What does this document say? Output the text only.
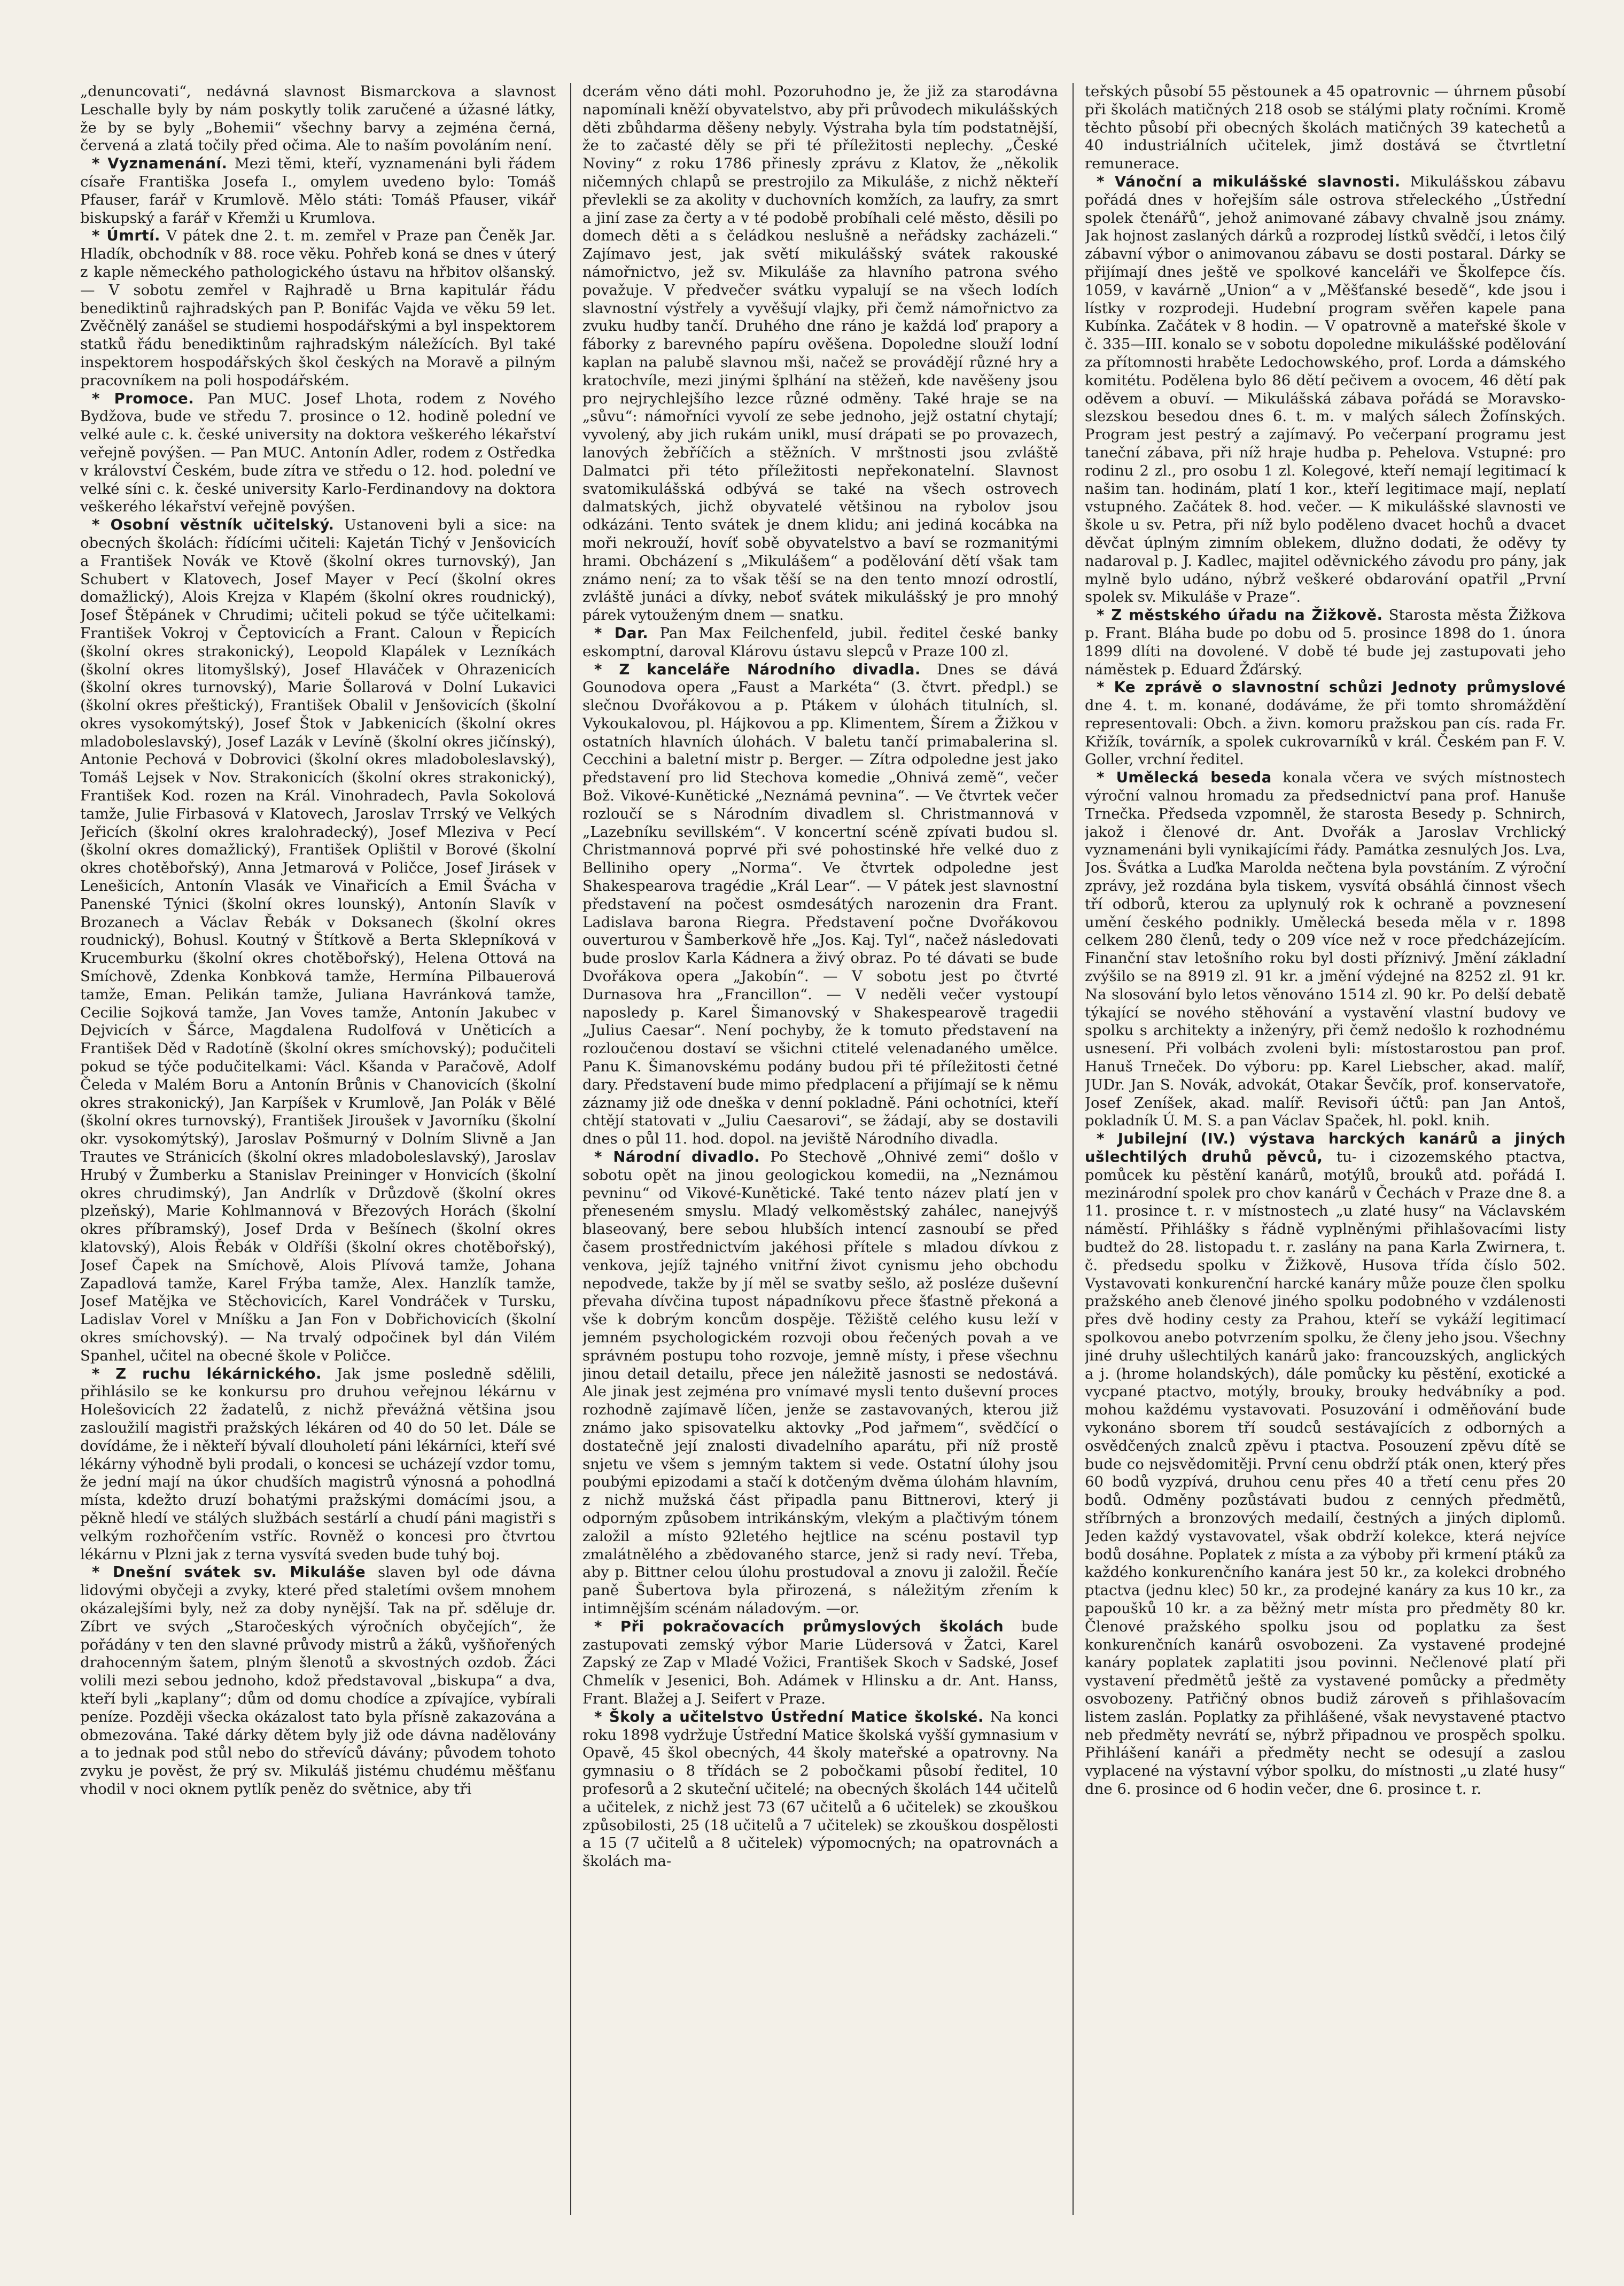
„denuncovati“, nedávná slavnost Bismarckova a slavnost Leschalle byly by nám poskytly tolik zaručené a úžasné látky, že by se byly „Bohemii“ všechny barvy a zejména černá, červená a zlatá točily před očima. Ale to naším povoláním není.

* Vyznamenání. Mezi těmi, kteří, vyznamenáni byli řádem císaře Františka Josefa I., omylem uvedeno bylo: Tomáš Pfauser, farář v Krumlově. Mělo státi: Tomáš Pfauser, vikář biskupský a farář v Křemži u Krumlova.

* Úmrtí. V pátek dne 2. t. m. zemřel v Praze pan Čeněk Jar. Hladík, obchodník v 88. roce věku. Pohřeb koná se dnes v úterý z kaple německého pathologického ústavu na hřbitov olšanský. — V sobotu zemřel v Rajhradě u Brna kapitulár řádu benediktinů rajhradských pan P. Bonifác Vajda ve věku 59 let. Zvěčnělý zanášel se studiemi hospodářskými a byl inspektorem statků řádu benediktinům rajhradským náležících. Byl také inspektorem hospodářských škol českých na Moravě a pilným pracovníkem na poli hospodářském.

* Promoce. Pan MUC. Josef Lhota, rodem z Nového Bydžova, bude ve středu 7. prosince o 12. hodině polední ve velké aule c. k. české university na doktora veškerého lékařství veřejně povýšen. — Pan MUC. Antonín Adler, rodem z Ostředka v království Českém, bude zítra ve středu o 12. hod. polední ve velké síni c. k. české university Karlo-Ferdinandovy na doktora veškerého lékařství veřejně povýšen.

* Osobní věstník učitelský. Ustanoveni byli a sice: na obecných školách: řídícími učiteli: Kajetán Tichý v Jenšovicích a František Novák ve Ktově (školní okres turnovský), Jan Schubert v Klatovech, Josef Mayer v Pecí (školní okres domažlický), Alois Krejza v Klapém (školní okres roudnický), Josef Štěpánek v Chrudimi; učiteli pokud se týče učitelkami: František Vokroj v Čeptovicích a Frant. Caloun v Řepicích (školní okres strakonický), Leopold Klapálek v Lezníkách (školní okres litomyšlský), Josef Hlaváček v Ohrazenicích (školní okres turnovský), Marie Šollarová v Dolní Lukavici (školní okres přeštický), František Obalil v Jenšovicích (školní okres vysokomýtský), Josef Štok v Jabkenicích (školní okres mladoboleslavský), Josef Lazák v Levíně (školní okres jičínský), Antonie Pechová v Dobrovici (školní okres mladoboleslavský), Tomáš Lejsek v Nov. Strakonicích (školní okres strakonický), František Kod. rozen na Král. Vinohradech, Pavla Sokolová tamže, Julie Firbasová v Klatovech, Jaroslav Trrský ve Velkých Jeřicích (školní okres kralohradecký), Josef Mleziva v Pecí (školní okres domažlický), František Oplištil v Borové (školní okres chotěbořský), Anna Jetmarová v Poličce, Josef Jirásek v Lenešicích, Antonín Vlasák ve Vinařicích a Emil Švácha v Panenské Týnici (školní okres lounský), Antonín Slavík v Brozanech a Václav Řebák v Doksanech (školní okres roudnický), Bohusl. Koutný v Štítkově a Berta Sklepníková v Krucemburku (školní okres chotěbořský), Helena Ottová na Smíchově, Zdenka Konbková tamže, Hermína Pilbauerová tamže, Eman. Pelikán tamže, Juliana Havránková tamže, Cecilie Sojková tamže, Jan Voves tamže, Antonín Jakubec v Dejvicích v Šárce, Magdalena Rudolfová v Uněticích a František Děd v Radotíně (školní okres smíchovský); podučiteli pokud se týče podučitelkami: Václ. Kšanda v Paračově, Adolf Čeleda v Malém Boru a Antonín Brůnis v Chanovicích (školní okres strakonický), Jan Karpíšek v Krumlově, Jan Polák v Bělé (školní okres turnovský), František Jiroušek v Javorníku (školní okr. vysokomýtský), Jaroslav Pošmurný v Dolním Slivně a Jan Trautes ve Stránicích (školní okres mladoboleslavský), Jaroslav Hrubý v Žumberku a Stanislav Preininger v Honvicích (školní okres chrudimský), Jan Andrlík v Drůzdově (školní okres plzeňský), Marie Kohlmannová v Březových Horách (školní okres příbramský), Josef Drda v Bešínech (školní okres klatovský), Alois Řebák v Oldříši (školní okres chotěbořský), Josef Čapek na Smíchově, Alois Plívová tamže, Johana Zapadlová tamže, Karel Frýba tamže, Alex. Hanzlík tamže, Josef Matějka ve Stěchovicích, Karel Vondráček v Tursku, Ladislav Vorel v Mníšku a Jan Fon v Dobřichovicích (školní okres smíchovský). — Na trvalý odpočinek byl dán Vilém Spanhel, učitel na obecné škole v Poličce.

* Z ruchu lékárnického. Jak jsme posledně sdělili, přihlásilo se ke konkursu pro druhou veřejnou lékárnu v Holešovicích 22 žadatelů, z nichž převážná většina jsou zasloužilí magistři pražských lékáren od 40 do 50 let. Dále se dovídáme, že i někteří bývalí dlouholetí páni lékárníci, kteří své lékárny výhodně byli prodali, o koncesi se ucházejí vzdor tomu, že jední mají na úkor chudších magistrů výnosná a pohodlná místa, kdežto druzí bohatými pražskými domácími jsou, a pěkně hledí ve stálých službách sestárlí a chudí páni magistři s velkým rozhořčením vstříc. Rovněž o koncesi pro čtvrtou lékárnu v Plzni jak z terna vysvítá sveden bude tuhý boj.

* Dnešní svátek sv. Mikuláše slaven byl ode dávna lidovými obyčeji a zvyky, které před staletími ovšem mnohem okázalejšími byly, než za doby nynější. Tak na př. sděluje dr. Zíbrt ve svých „Staročeských výročních obyčejích“, že pořádány v ten den slavné průvody mistrů a žáků, vyšňořených drahocenným šatem, plným šlenotů a skvostných ozdob. Žáci volili mezi sebou jednoho, kdož představoval „biskupa“ a dva, kteří byli „kaplany“; dům od domu chodíce a zpívajíce, vybírali peníze. Později všecka okázalost tato byla přísně zakazována a obmezována. Také dárky dětem byly již ode dávna nadělovány a to jednak pod stůl nebo do střevíců dávány; původem tohoto zvyku je pověst, že prý sv. Mikuláš jistému chudému měšťanu vhodil v noci oknem pytlík peněz do světnice, aby tři

dcerám věno dáti mohl. Pozoruhodno je, že již za starodávna napomínali kněží obyvatelstvo, aby při průvodech mikulášských děti zbůhdarma děšeny nebyly. Výstraha byla tím podstatnější, že to začasté děly se při té příležitosti neplechy. „České Noviny“ z roku 1786 přinesly zprávu z Klatov, že „několik ničemných chlapů se prestrojilo za Mikuláše, z nichž někteří převlekli se za akolity v duchovních komžích, za laufry, za smrt a jiní zase za čerty a v té podobě probíhali celé město, děsili po domech děti a s čeládkou neslušně a neřádsky zacházeli.“ Zajímavo jest, jak světí mikulášský svátek rakouské námořnictvo, jež sv. Mikuláše za hlavního patrona svého považuje. V předvečer svátku vypalují se na všech lodích slavnostní výstřely a vyvěšují vlajky, při čemž námořnictvo za zvuku hudby tančí. Druhého dne ráno je každá loď prapory a fáborky z barevného papíru ověšena. Dopoledne slouží lodní kaplan na palubě slavnou mši, načež se provádějí různé hry a kratochvíle, mezi jinými šplhání na stěžeň, kde navěšeny jsou pro nejrychlejšího lezce různé odměny. Také hraje se na „sůvu“: námořníci vyvolí ze sebe jednoho, jejž ostatní chytají; vyvolený, aby jich rukám unikl, musí drápati se po provazech, lanových žebříčích a stěžních. V mrštnosti jsou zvláště Dalmatci při této příležitosti nepřekonatelní. Slavnost svatomikulášská odbývá se také na všech ostrovech dalmatských, jichž obyvatelé většinou na rybolov jsou odkázáni. Tento svátek je dnem klidu; ani jediná kocábka na moři nekrouží, hovíť sobě obyvatelstvo a baví se rozmanitými hrami. Obcházení s „Mikulášem“ a podělování dětí však tam známo není; za to však těší se na den tento mnozí odrostlí, zvláště junáci a dívky, neboť svátek mikulášský je pro mnohý párek vytouženým dnem — snatku.

* Dar. Pan Max Feilchenfeld, jubil. ředitel české banky eskomptní, daroval Klárovu ústavu slepců v Praze 100 zl.

* Z kanceláře Národního divadla. Dnes se dává Gounodova opera „Faust a Markéta“ (3. čtvrt. předpl.) se slečnou Dvořákovou a p. Ptákem v úlohách titulních, sl. Vykoukalovou, pl. Hájkovou a pp. Klimentem, Šírem a Žižkou v ostatních hlavních úlohách. V baletu tančí primabalerina sl. Cecchini a baletní mistr p. Berger. — Zítra odpoledne jest jako představení pro lid Stechova komedie „Ohnivá země“, večer Bož. Vikové-Kunětické „Neznámá pevnina“. — Ve čtvrtek večer rozloučí se s Národním divadlem sl. Christmannová v „Lazebníku sevillském“. V koncertní scéně zpívati budou sl. Christmannová poprvé při své pohostinské hře velké duo z Belliniho opery „Norma“. Ve čtvrtek odpoledne jest Shakespearova tragédie „Král Lear“. — V pátek jest slavnostní představení na počest osmdesátých narozenin dra Frant. Ladislava barona Riegra. Představení počne Dvořákovou ouverturou v Šamberkově hře „Jos. Kaj. Tyl“, načež následovati bude proslov Karla Kádnera a živý obraz. Po té dávati se bude Dvořákova opera „Jakobín“. — V sobotu jest po čtvrté Durnasova hra „Francillon“. — V neděli večer vystoupí naposledy p. Karel Šimanovský v Shakespearově tragedii „Julius Caesar“. Není pochyby, že k tomuto představení na rozloučenou dostaví se všichni ctitelé velenadaného umělce. Panu K. Šimanovskému podány budou při té příležitosti četné dary. Představení bude mimo předplacení a přijímají se k němu záznamy již ode dneška v denní pokladně. Páni ochotníci, kteří chtějí statovati v „Juliu Caesarovi“, se žádají, aby se dostavili dnes o půl 11. hod. dopol. na jeviště Národního divadla.

* Národní divadlo. Po Stechově „Ohnivé zemi“ došlo v sobotu opět na jinou geologickou komedii, na „Neznámou pevninu“ od Vikové-Kunětické. Také tento název platí jen v přeneseném smyslu. Mladý velkoměstský zahálec, nanejvýš blaseovaný, bere sebou hlubších intencí zasnoubí se před časem prostřednictvím jakéhosi přítele s mladou dívkou z venkova, jejíž tajného vnitřní život cynismu jeho obchodu nepodvede, takže by jí měl se svatby sešlo, až posléze duševní převaha dívčina tupost nápadníkovu přece šťastně překoná a vše k dobrým koncům dospěje. Těžiště celého kusu leží v jemném psychologickém rozvoji obou řečených povah a ve správném postupu toho rozvoje, jemně místy, i přese všechnu jinou detail detailu, přece jen náležitě jasnosti se nedostává. Ale jinak jest zejména pro vnímavé mysli tento duševní proces rozhodně zajímavě líčen, jenže se zastavovaných, kterou již známo jako spisovatelku aktovky „Pod jařmem“, svědčící o dostatečně její znalosti divadelního aparátu, při níž prostě snjetu ve všem s jemným taktem si vede. Ostatní úlohy jsou poubými epizodami a stačí k dotčeným dvěma úlohám hlavním, z nichž mužská část připadla panu Bittnerovi, který ji odporným způsobem intrikánským, vlekým a plačtivým tónem založil a místo 92letého hejtlice na scénu postavil typ zmalátnělého a zbědovaného starce, jenž si rady neví. Třeba, aby p. Bittner celou úlohu prostudoval a znovu ji založil. Řečíe paně Šubertova byla přirozená, s náležitým zřením k intimnějším scénám náladovým. —or.

* Při pokračovacích průmyslových školách bude zastupovati zemský výbor Marie Lüdersová v Žatci, Karel Zapský ze Zap v Mladé Vožici, František Skoch v Sadské, Josef Chmelík v Jesenici, Boh. Adámek v Hlinsku a dr. Ant. Hanss, Frant. Blažej a J. Seifert v Praze.

* Školy a učitelstvo Ústřední Matice školské. Na konci roku 1898 vydržuje Ústřední Matice školská vyšší gymnasium v Opavě, 45 škol obecných, 44 školy mateřské a opatrovny. Na gymnasiu o 8 třídách se 2 pobočkami působí ředitel, 10 profesorů a 2 skuteční učitelé; na obecných školách 144 učitelů a učitelek, z nichž jest 73 (67 učitelů a 6 učitelek) se zkouškou způsobilosti, 25 (18 učitelů a 7 učitelek) se zkouškou dospělosti a 15 (7 učitelů a 8 učitelek) výpomocných; na opatrovnách a školách ma-

teřských působí 55 pěstounek a 45 opatrovnic — úhrnem působí při školách matičných 218 osob se stálými platy ročními. Kromě těchto působí při obecných školách matičných 39 katechetů a 40 industriálních učitelek, jimž dostává se čtvrtletní remunerace.

* Vánoční a mikulášské slavnosti. Mikulášskou zábavu pořádá dnes v hořejším sále ostrova střeleckého „Ústřední spolek čtenářů“, jehož animované zábavy chvalně jsou známy. Jak hojnost zaslaných dárků a rozprodej lístků svědčí, i letos čilý zábavní výbor o animovanou zábavu se dosti postaral. Dárky se přijímají dnes ještě ve spolkové kanceláři ve Školfepce čís. 1059, v kavárně „Union“ a v „Měšťanské besedě“, kde jsou i lístky v rozprodeji. Hudební program svěřen kapele pana Kubínka. Začátek v 8 hodin. — V opatrovně a mateřské škole v č. 335—III. konalo se v sobotu dopoledne mikulášské podělování za přítomnosti hraběte Ledochowského, prof. Lorda a dámského komitétu. Podělena bylo 86 dětí pečivem a ovocem, 46 dětí pak oděvem a obuví. — Mikulášská zábava pořádá se Moravsko-slezskou besedou dnes 6. t. m. v malých sálech Žofínských. Program jest pestrý a zajímavý. Po večerpaní programu jest taneční zábava, při níž hraje hudba p. Pehelova. Vstupné: pro rodinu 2 zl., pro osobu 1 zl. Kolegové, kteří nemají legitimací k našim tan. hodinám, platí 1 kor., kteří legitimace mají, neplatí vstupného. Začátek 8. hod. večer. — K mikulášské slavnosti ve škole u sv. Petra, při níž bylo poděleno dvacet hochů a dvacet děvčat úplným zimním oblekem, dlužno dodati, že oděvy ty nadaroval p. J. Kadlec, majitel oděvnického závodu pro pány, jak mylně bylo udáno, nýbrž veškeré obdarování opatřil „První spolek sv. Mikuláše v Praze“.

* Z městského úřadu na Žižkově. Starosta města Žižkova p. Frant. Bláha bude po dobu od 5. prosince 1898 do 1. února 1899 dlíti na dovolené. V době té bude jej zastupovati jeho náměstek p. Eduard Žďárský.

* Ke zprávě o slavnostní schůzi Jednoty průmyslové dne 4. t. m. konané, dodáváme, že při tomto shromáždění representovali: Obch. a živn. komoru pražskou pan cís. rada Fr. Křižík, továrník, a spolek cukrovarníků v král. Českém pan F. V. Goller, vrchní ředitel.

* Umělecká beseda konala včera ve svých místnostech výroční valnou hromadu za předsednictví pana prof. Hanuše Trnečka. Předseda vzpomněl, že starosta Besedy p. Schnirch, jakož i členové dr. Ant. Dvořák a Jaroslav Vrchlický vyznamenáni byli vynikajícími řády. Památka zesnulých Jos. Lva, Jos. Švátka a Luďka Marolda nečtena byla povstáním. Z výroční zprávy, jež rozdána byla tiskem, vysvítá obsáhlá činnost všech tří odborů, kterou za uplynulý rok k ochraně a povznesení umění českého podnikly. Umělecká beseda měla v r. 1898 celkem 280 členů, tedy o 209 více než v roce předcházejícím. Finanční stav letošního roku byl dosti příznivý. Jmění základní zvýšilo se na 8919 zl. 91 kr. a jmění výdejné na 8252 zl. 91 kr. Na slosování bylo letos věnováno 1514 zl. 90 kr. Po delší debatě týkající se nového stěhování a vystavění vlastní budovy ve spolku s architekty a inženýry, při čemž nedošlo k rozhodnému usnesení. Při volbách zvoleni byli: místostarostou pan prof. Hanuš Trneček. Do výboru: pp. Karel Liebscher, akad. malíř, JUDr. Jan S. Novák, advokát, Otakar Ševčík, prof. konservatoře, Josef Zeníšek, akad. malíř. Revisoři účtů: pan Jan Antoš, pokladník Ú. M. S. a pan Václav Spaček, hl. pokl. knih.

* Jubilejní (IV.) výstava harckých kanárů a jiných ušlechtilých druhů pěvců, tu- i cizozemského ptactva, pomůcek ku pěstění kanárů, motýlů, brouků atd. pořádá I. mezinárodní spolek pro chov kanárů v Čechách v Praze dne 8. a 11. prosince t. r. v místnostech „u zlaté husy“ na Václavském náměstí. Přihlášky s řádně vyplněnými přihlašovacími listy budtež do 28. listopadu t. r. zaslány na pana Karla Zwirnera, t. č. předsedu spolku v Žižkově, Husova třída číslo 502. Vystavovati konkurenční harcké kanáry může pouze člen spolku pražského aneb členové jiného spolku podobného v vzdálenosti přes dvě hodiny cesty za Prahou, kteří se vykáží legitimací spolkovou anebo potvrzením spolku, že členy jeho jsou. Všechny jiné druhy ušlechtilých kanárů jako: francouzských, anglických a j. (hrome holandských), dále pomůcky ku pěstění, exotické a vycpané ptactvo, motýly, brouky, brouky hedvábníky a pod. mohou každému vystavovati. Posuzování i odměňování bude vykonáno sborem tří soudců sestávajících z odborných a osvědčených znalců zpěvu i ptactva. Posouzení zpěvu dítě se bude co nejsvědomitěji. První cenu obdrží pták onen, který přes 60 bodů vyzpívá, druhou cenu přes 40 a třetí cenu přes 20 bodů. Odměny pozůstávati budou z cenných předmětů, stříbrných a bronzových medailí, čestných a jiných diplomů. Jeden každý vystavovatel, však obdrží kolekce, která nejvíce bodů dosáhne. Poplatek z místa a za výboby při krmení ptáků za každého konkurenčního kanára jest 50 kr., za kolekci drobného ptactva (jednu klec) 50 kr., za prodejné kanáry za kus 10 kr., za papoušků 10 kr. a za běžný metr místa pro předměty 80 kr. Členové pražského spolku jsou od poplatku za šest konkurenčních kanárů osvobozeni. Za vystavené prodejné kanáry poplatek zaplatiti jsou povinni. Nečlenové platí při vystavení předmětů ještě za vystavené pomůcky a předměty osvobozeny. Patřičný obnos budiž zároveň s přihlašovacím listem zaslán. Poplatky za přihlášené, však nevystavené ptactvo neb předměty nevrátí se, nýbrž připadnou ve prospěch spolku. Přihlášení kanáři a předměty necht se odesují a zaslou vyplacené na výstavní výbor spolku, do místnosti „u zlaté husy“ dne 6. prosince od 6 hodin večer, dne 6. prosince t. r.
